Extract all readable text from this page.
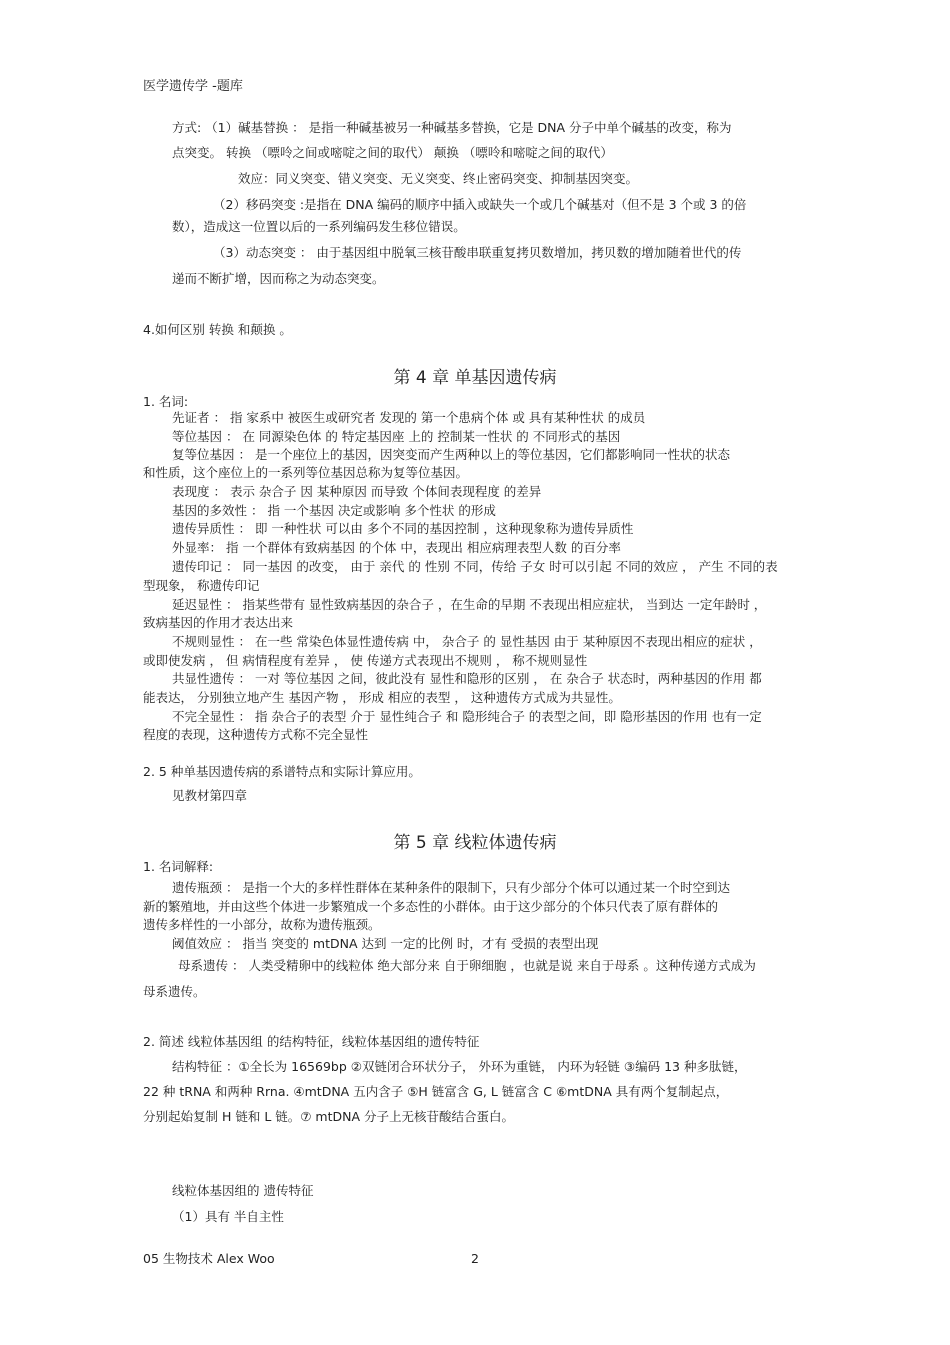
医学遗传学 -题库
方式: （1）碱基替换 ： 是指一种碱基被另一种碱基多替换，它是 DNA 分子中单个碱基的改变，称为
点突变。 转换 （嘌呤之间或嘧啶之间的取代） 颠换 （嘌呤和嘧啶之间的取代）
效应：同义突变、错义突变、无义突变、终止密码突变、抑制基因突变。
（2）移码突变 :是指在 DNA 编码的顺序中插入或缺失一个或几个碱基对（但不是 3 个或 3 的倍
数），造成这一位置以后的一系列编码发生移位错误。
（3）动态突变 ： 由于基因组中脱氧三核苷酸串联重复拷贝数增加，拷贝数的增加随着世代的传
递而不断扩增，因而称之为动态突变。
4.如何区别 转换 和颠换 。
第 4 章 单基因遗传病
1. 名词:
先证者 ： 指 家系中 被医生或研究者 发现的 第一个患病个体 或 具有某种性状 的成员
等位基因 ： 在 同源染色体 的 特定基因座 上的 控制某一性状 的 不同形式的基因
复等位基因 ： 是一个座位上的基因，因突变而产生两种以上的等位基因，它们都影响同一性状的状态
和性质，这个座位上的一系列等位基因总称为复等位基因。
表现度 ： 表示 杂合子 因 某种原因 而导致 个体间表现程度 的差异
基因的多效性 ： 指 一个基因 决定或影响 多个性状 的形成
遗传异质性 ： 即 一种性状 可以由 多个不同的基因控制 ，这种现象称为遗传异质性
外显率： 指 一个群体有致病基因 的个体 中，表现出 相应病理表型人数 的百分率
遗传印记 ： 同一基因 的改变， 由于 亲代 的 性别 不同，传给 子女 时可以引起 不同的效应 ， 产生 不同的表
型现象， 称遗传印记
延迟显性 ： 指某些带有 显性致病基因的杂合子 ，在生命的早期 不表现出相应症状， 当到达 一定年龄时 ，
致病基因的作用才表达出来
不规则显性 ： 在一些 常染色体显性遗传病 中， 杂合子 的 显性基因 由于 某种原因不表现出相应的症状 ，
或即使发病 ， 但 病情程度有差异 ， 使 传递方式表现出不规则 ， 称不规则显性
共显性遗传 ： 一对 等位基因 之间，彼此没有 显性和隐形的区别 ， 在 杂合子 状态时，两种基因的作用 都
能表达， 分别独立地产生 基因产物 ， 形成 相应的表型 ， 这种遗传方式成为共显性。
不完全显性 ： 指 杂合子的表型 介于 显性纯合子 和 隐形纯合子 的表型之间，即 隐形基因的作用 也有一定
程度的表现，这种遗传方式称不完全显性
2. 5 种单基因遗传病的系谱特点和实际计算应用。
见教材第四章
第 5 章 线粒体遗传病
1. 名词解释:
遗传瓶颈 ： 是指一个大的多样性群体在某种条件的限制下，只有少部分个体可以通过某一个时空到达
新的繁殖地，并由这些个体进一步繁殖成一个多态性的小群体。由于这少部分的个体只代表了原有群体的
遗传多样性的一小部分，故称为遗传瓶颈。
阈值效应 ： 指当 突变的 mtDNA 达到 一定的比例 时，才有 受损的表型出现
母系遗传 ： 人类受精卵中的线粒体 绝大部分来 自于卵细胞 ，也就是说 来自于母系 。这种传递方式成为
母系遗传。
2. 简述 线粒体基因组 的结构特征，线粒体基因组的遗传特征
结构特征 ：①全长为 16569bp ②双链闭合环状分子， 外环为重链， 内环为轻链 ③编码 13 种多肽链，
22 种 tRNA 和两种 Rrna. ④mtDNA 五内含子 ⑤H 链富含 G, L 链富含 C ⑥mtDNA 具有两个复制起点，
分别起始复制 H 链和 L 链。⑦ mtDNA 分子上无核苷酸结合蛋白。
线粒体基因组的 遗传特征
（1）具有 半自主性
05 生物技术 Alex Woo	2
